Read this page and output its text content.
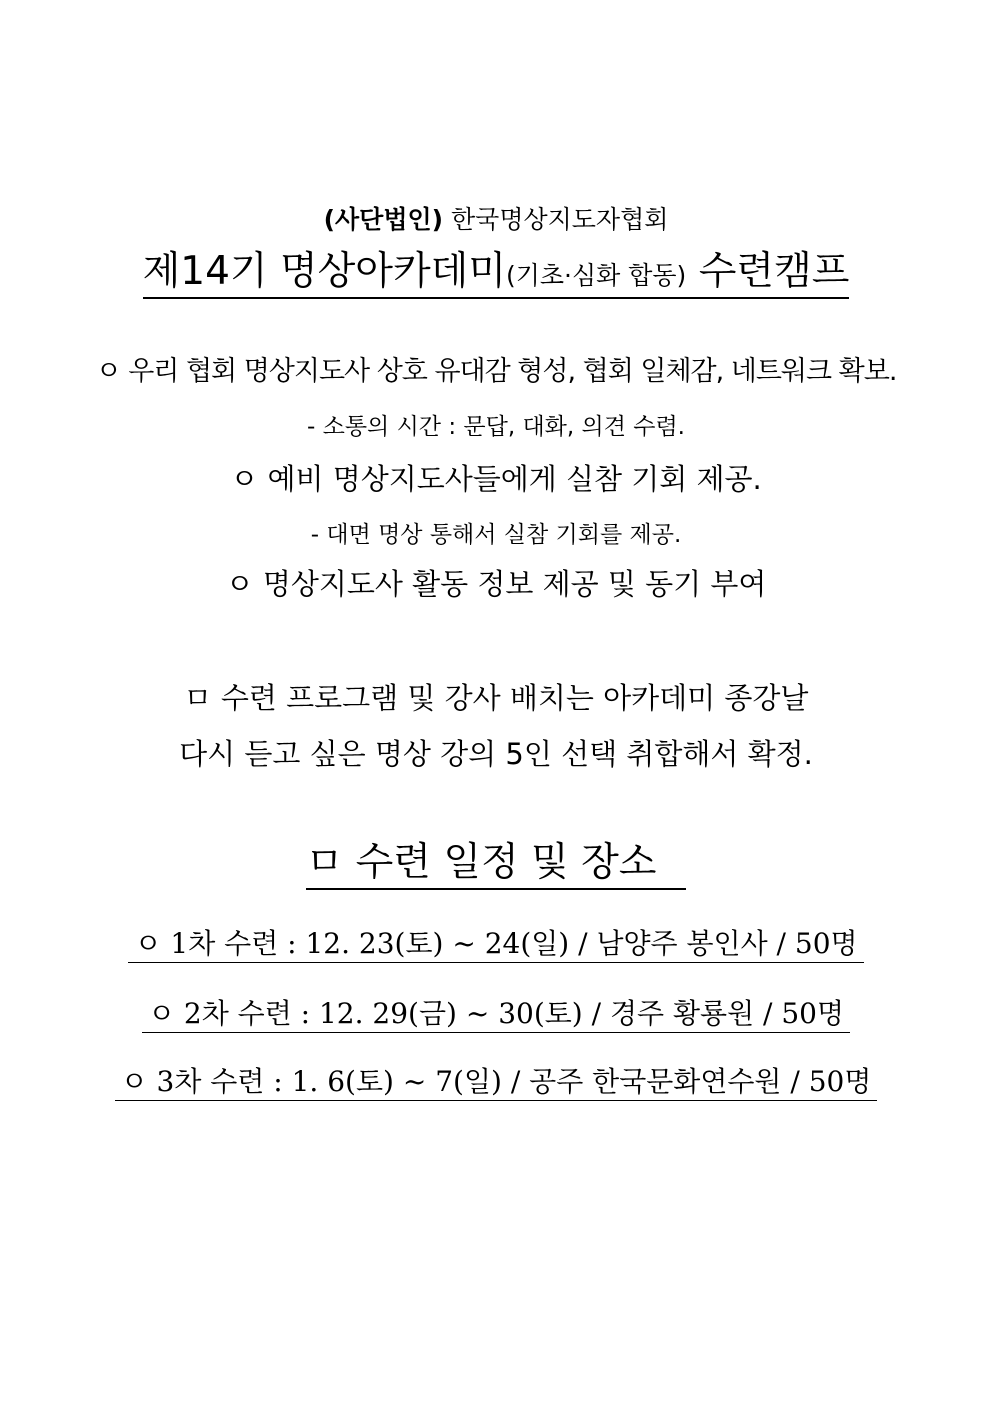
(사단법인) 한국명상지도자협회
제14기 명상아카데미(기초·심화 합동) 수련캠프
ㅇ 우리 협회 명상지도사 상호 유대감 형성, 협회 일체감, 네트워크 확보.
- 소통의 시간 : 문답, 대화, 의견 수렴.
ㅇ 예비 명상지도사들에게 실참 기회 제공.
- 대면 명상 통해서 실참 기회를 제공.
ㅇ 명상지도사 활동 정보 제공 및 동기 부여
ㅁ 수련 프로그램 및 강사 배치는 아카데미 종강날
다시 듣고 싶은 명상 강의 5인 선택 취합해서 확정.
ㅁ 수련 일정 및 장소
ㅇ 1차 수련 : 12. 23(토) ~ 24(일) / 남양주 봉인사 / 50명
ㅇ 2차 수련 : 12. 29(금) ~ 30(토) / 경주 황룡원 / 50명
ㅇ 3차 수련 : 1. 6(토) ~ 7(일) / 공주 한국문화연수원 / 50명
